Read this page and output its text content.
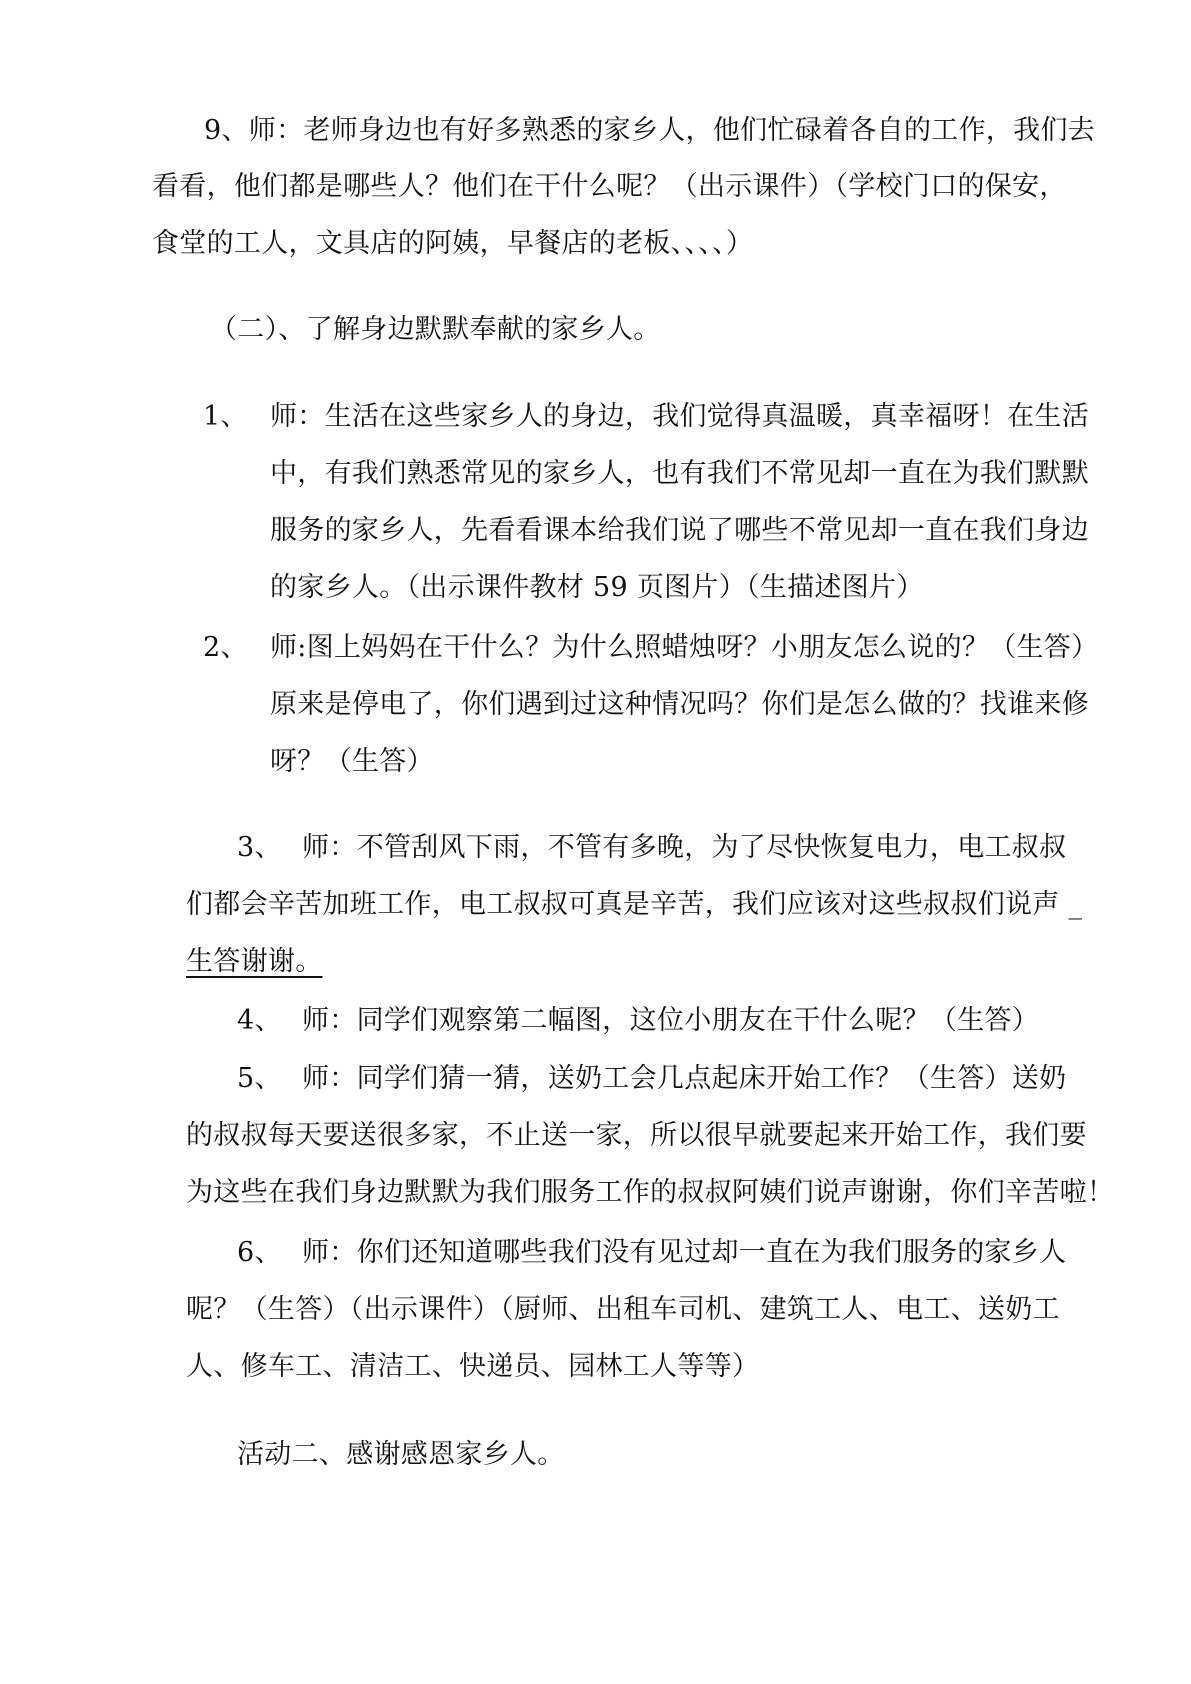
9、师：老师身边也有好多熟悉的家乡人，他们忙碌着各自的工作，我们去
看看，他们都是哪些人？他们在干什么呢？（出示课件）（学校门口的保安，
食堂的工人，文具店的阿姨，早餐店的老板、、、、）
（二）、了解身边默默奉献的家乡人。
1、 师：生活在这些家乡人的身边，我们觉得真温暖，真幸福呀！在生活
中，有我们熟悉常见的家乡人，也有我们不常见却一直在为我们默默
服务的家乡人，先看看课本给我们说了哪些不常见却一直在我们身边
的家乡人。（出示课件教材 59 页图片）（生描述图片）
2、 师:图上妈妈在干什么？为什么照蜡烛呀？小朋友怎么说的？（生答）
原来是停电了，你们遇到过这种情况吗？你们是怎么做的？找谁来修
呀？（生答）
3、 师：不管刮风下雨，不管有多晚，为了尽快恢复电力，电工叔叔
们都会辛苦加班工作，电工叔叔可真是辛苦，我们应该对这些叔叔们说声 _
生答谢谢。
4、 师：同学们观察第二幅图，这位小朋友在干什么呢？（生答）
5、 师：同学们猜一猜，送奶工会几点起床开始工作？（生答）送奶
的叔叔每天要送很多家，不止送一家，所以很早就要起来开始工作，我们要
为这些在我们身边默默为我们服务工作的叔叔阿姨们说声谢谢，你们辛苦啦！
6、 师：你们还知道哪些我们没有见过却一直在为我们服务的家乡人
呢？（生答）（出示课件）（厨师、出租车司机、建筑工人、电工、送奶工
人、修车工、清洁工、快递员、园林工人等等）
活动二、感谢感恩家乡人。
